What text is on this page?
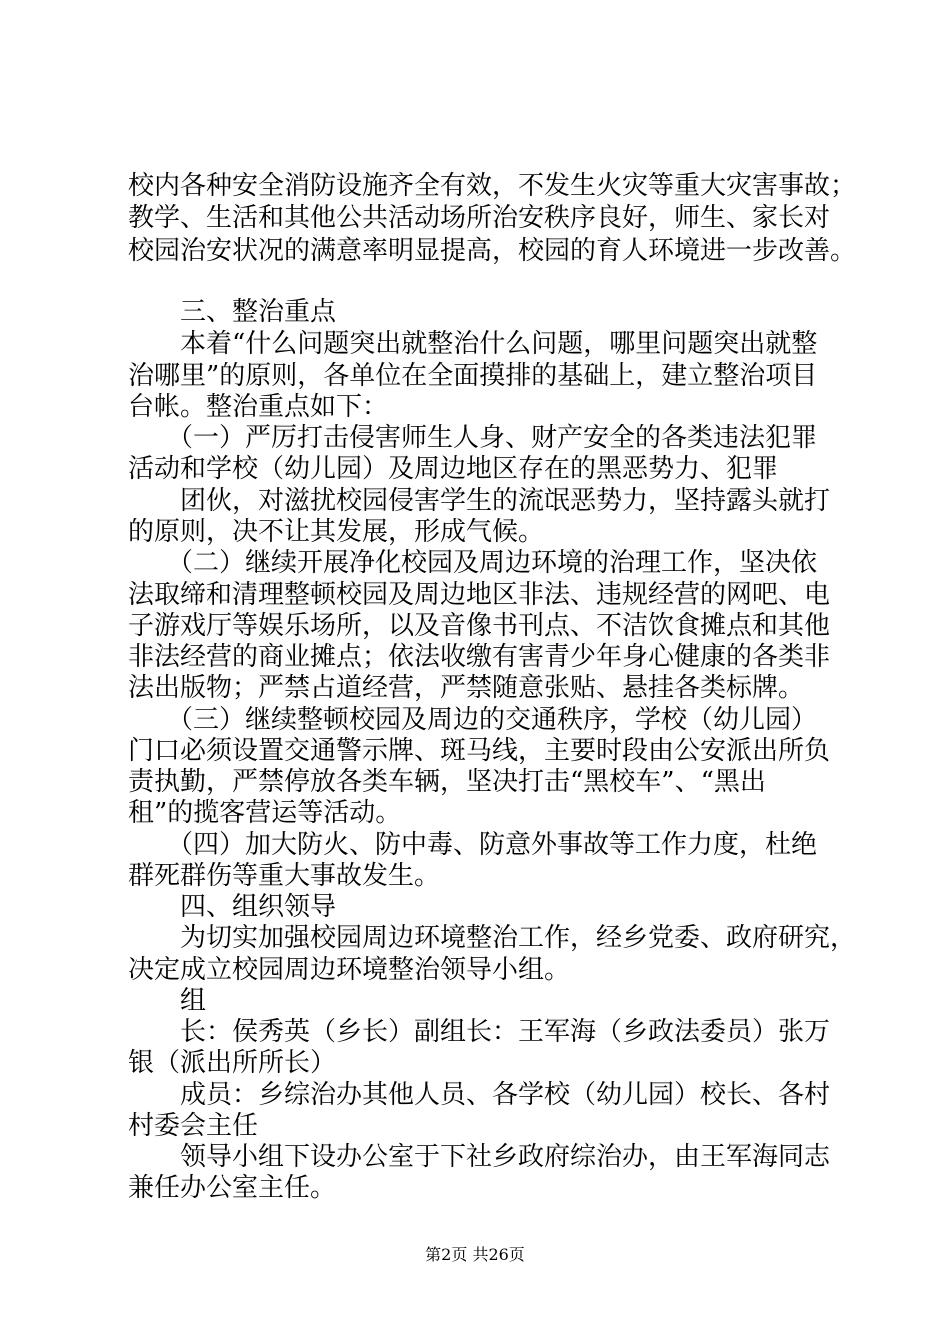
校内各种安全消防设施齐全有效，不发生火灾等重大灾害事故；
教学、生活和其他公共活动场所治安秩序良好，师生、家长对
校园治安状况的满意率明显提高，校园的育人环境进一步改善。
　　三、整治重点
　　本着“什么问题突出就整治什么问题，哪里问题突出就整
治哪里”的原则，各单位在全面摸排的基础上，建立整治项目
台帐。整治重点如下：
　　（一）严厉打击侵害师生人身、财产安全的各类违法犯罪
活动和学校（幼儿园）及周边地区存在的黑恶势力、犯罪
　　团伙，对滋扰校园侵害学生的流氓恶势力，坚持露头就打
的原则，决不让其发展，形成气候。
　　（二）继续开展净化校园及周边环境的治理工作，坚决依
法取缔和清理整顿校园及周边地区非法、违规经营的网吧、电
子游戏厅等娱乐场所，以及音像书刊点、不洁饮食摊点和其他
非法经营的商业摊点；依法收缴有害青少年身心健康的各类非
法出版物；严禁占道经营，严禁随意张贴、悬挂各类标牌。
　　（三）继续整顿校园及周边的交通秩序，学校（幼儿园）
门口必须设置交通警示牌、斑马线，主要时段由公安派出所负
责执勤，严禁停放各类车辆，坚决打击“黑校车”、“黑出
租”的揽客营运等活动。
　　（四）加大防火、防中毒、防意外事故等工作力度，杜绝
群死群伤等重大事故发生。
　　四、组织领导
　　为切实加强校园周边环境整治工作，经乡党委、政府研究，
决定成立校园周边环境整治领导小组。
　　组
　　长：侯秀英（乡长）副组长：王军海（乡政法委员）张万
银（派出所所长）
　　成员：乡综治办其他人员、各学校（幼儿园）校长、各村
村委会主任
　　领导小组下设办公室于下社乡政府综治办，由王军海同志
兼任办公室主任。
第2页 共26页
